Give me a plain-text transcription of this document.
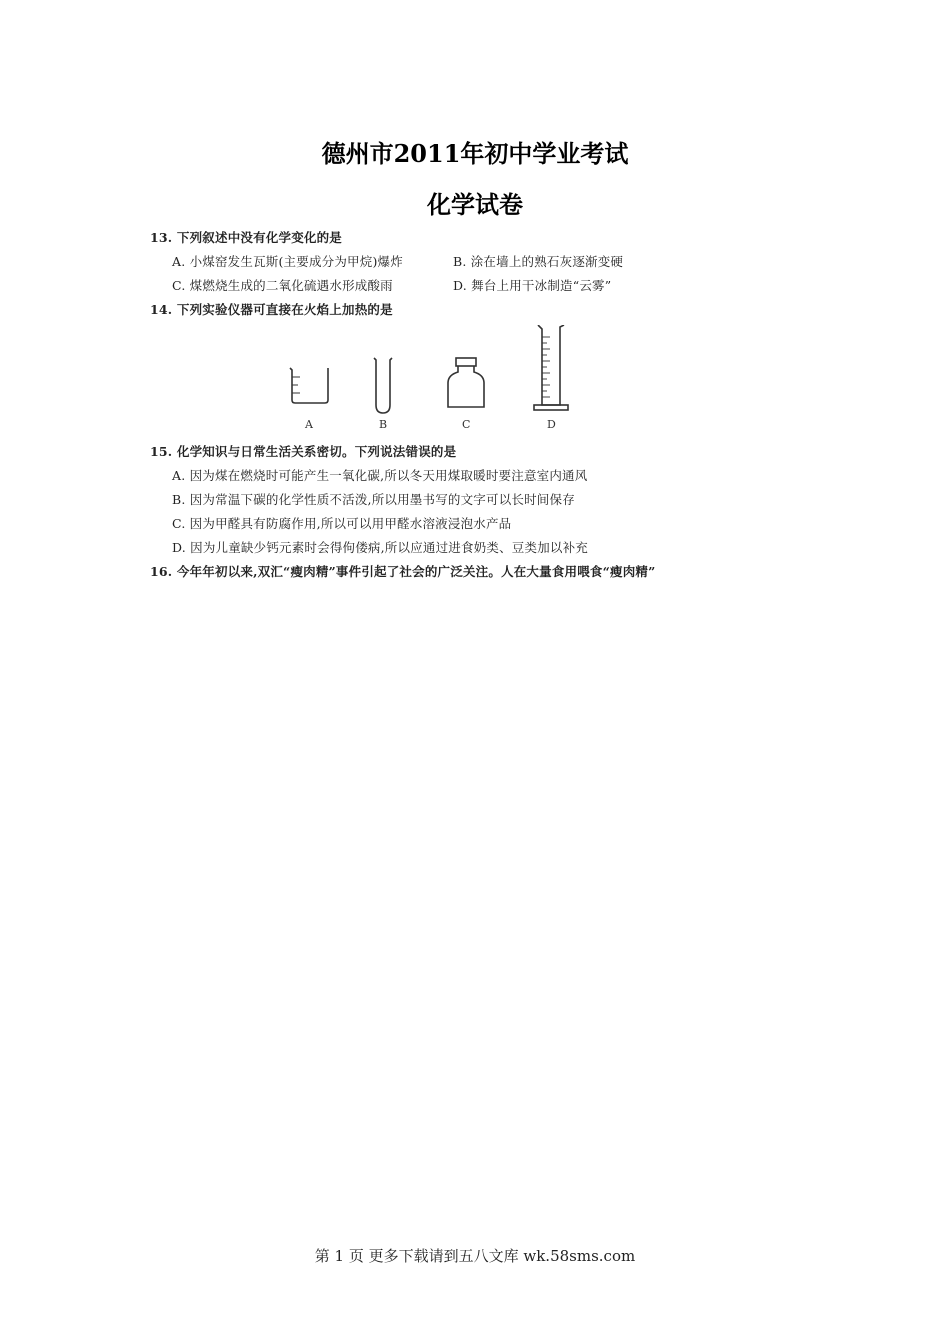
德州市2011年初中学业考试
化学试卷
13. 下列叙述中没有化学变化的是
A. 小煤窑发生瓦斯(主要成分为甲烷)爆炸	B. 涂在墙上的熟石灰逐渐变硬
C. 煤燃烧生成的二氧化硫遇水形成酸雨	D. 舞台上用干冰制造“云雾”
14. 下列实验仪器可直接在火焰上加热的是
A	B	C	D
15. 化学知识与日常生活关系密切。下列说法错误的是
A. 因为煤在燃烧时可能产生一氧化碳,所以冬天用煤取暖时要注意室内通风
B. 因为常温下碳的化学性质不活泼,所以用墨书写的文字可以长时间保存
C. 因为甲醛具有防腐作用,所以可以用甲醛水溶液浸泡水产品
D. 因为儿童缺少钙元素时会得佝偻病,所以应通过进食奶类、豆类加以补充
16. 今年年初以来,双汇“瘦肉精”事件引起了社会的广泛关注。人在大量食用喂食“瘦肉精”
第 1 页 更多下载请到五八文库 wk.58sms.com
